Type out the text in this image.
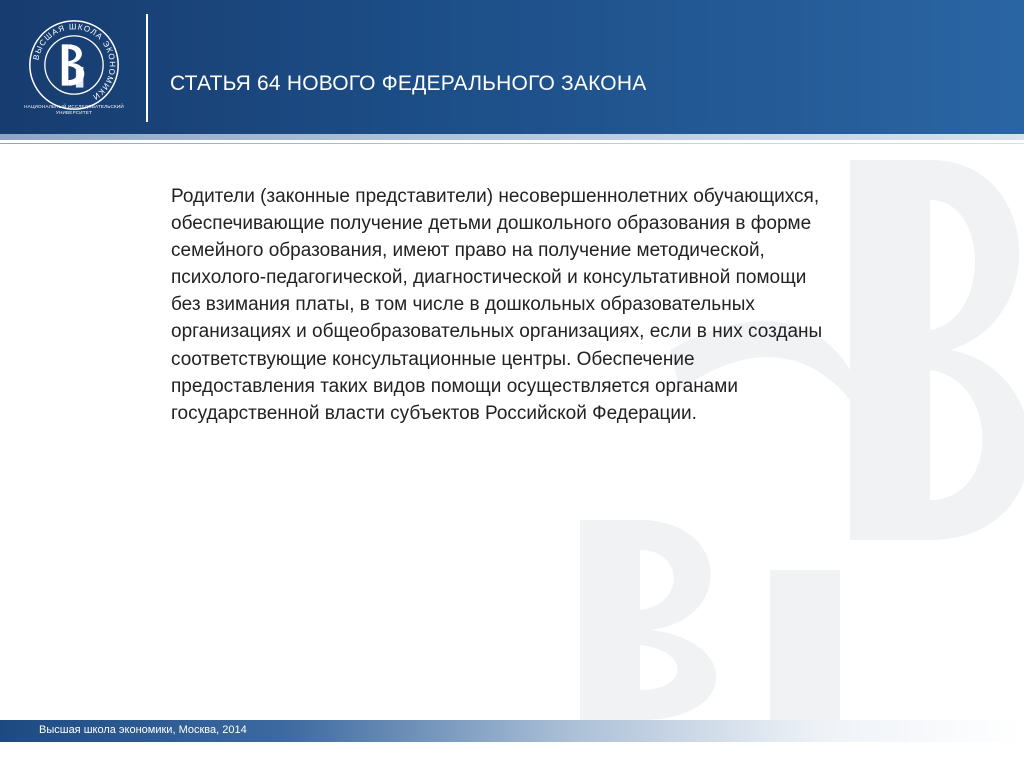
ВЫСШАЯ ШКОЛА ЭКОНОМИКИ
НАЦИОНАЛЬНЫЙ ИССЛЕДОВАТЕЛЬСКИЙ УНИВЕРСИТЕТ
СТАТЬЯ 64 НОВОГО ФЕДЕРАЛЬНОГО ЗАКОНА

Родители (законные представители) несовершеннолетних обучающихся, обеспечивающие получение детьми дошкольного образования в форме семейного образования, имеют право на получение методической, психолого-педагогической, диагностической и консультативной помощи без взимания платы, в том числе в дошкольных образовательных организациях и общеобразовательных организациях, если в них созданы соответствующие консультационные центры. Обеспечение предоставления таких видов помощи осуществляется органами государственной власти субъектов Российской Федерации.

Высшая школа экономики, Москва, 2014
